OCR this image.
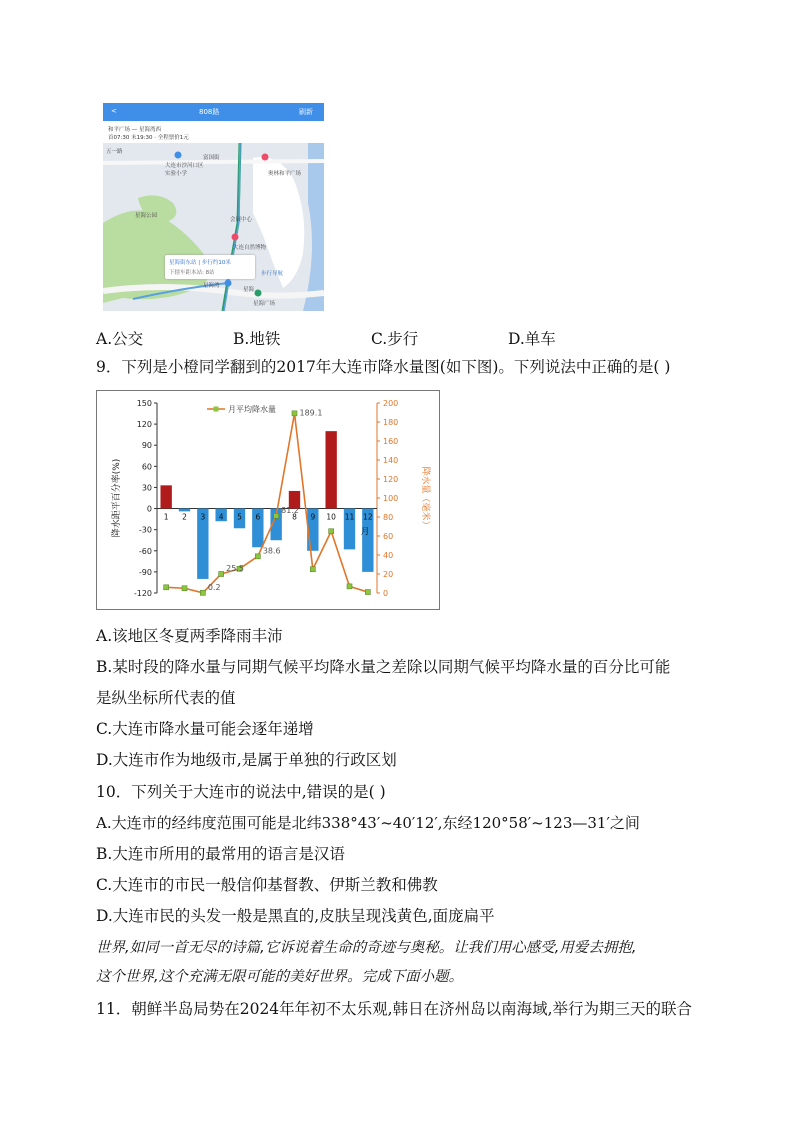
<	808路	刷新
和平广场 — 星海湾西
首07:30 末19:30 · 全程票价1元
五一路
大连市沙河口区实验小学
富国街
奥林和平广场
会展中心
大连自然博物
星海公园
星海湾
星海广场
星海
星海街东站 | 步行约10米
下辖车距本站: 8站	步行导航
A.公交	B.地铁	C.步行	D.单车
9．下列是小橙同学翻到的2017年大连市降水量图(如下图)。下列说法中正确的是( )
150
120
90
60
30
0
-30
-60
-90
-120
200
180
160
140
120
100
80
60
40
20
0
1 2 3 4 5 6	8 9 10 11 12
月
0.2
25.5
38.6
81.2
189.1
月平均降水量
降水距平百分率(%)	降水量（毫米）
A.该地区冬夏两季降雨丰沛
B.某时段的降水量与同期气候平均降水量之差除以同期气候平均降水量的百分比可能
是纵坐标所代表的值
C.大连市降水量可能会逐年递增
D.大连市作为地级市,是属于单独的行政区划
10．下列关于大连市的说法中,错误的是( )
A.大连市的经纬度范围可能是北纬338°43′~40′12′,东经120°58′~123—31′之间
B.大连市所用的最常用的语言是汉语
C.大连市的市民一般信仰基督教、伊斯兰教和佛教
D.大连市民的头发一般是黑直的,皮肤呈现浅黄色,面庞扁平
世界,如同一首无尽的诗篇,它诉说着生命的奇迹与奥秘。让我们用心感受,用爱去拥抱,
这个世界,这个充满无限可能的美好世界。完成下面小题。
11．朝鲜半岛局势在2024年年初不太乐观,韩日在济州岛以南海域,举行为期三天的联合
